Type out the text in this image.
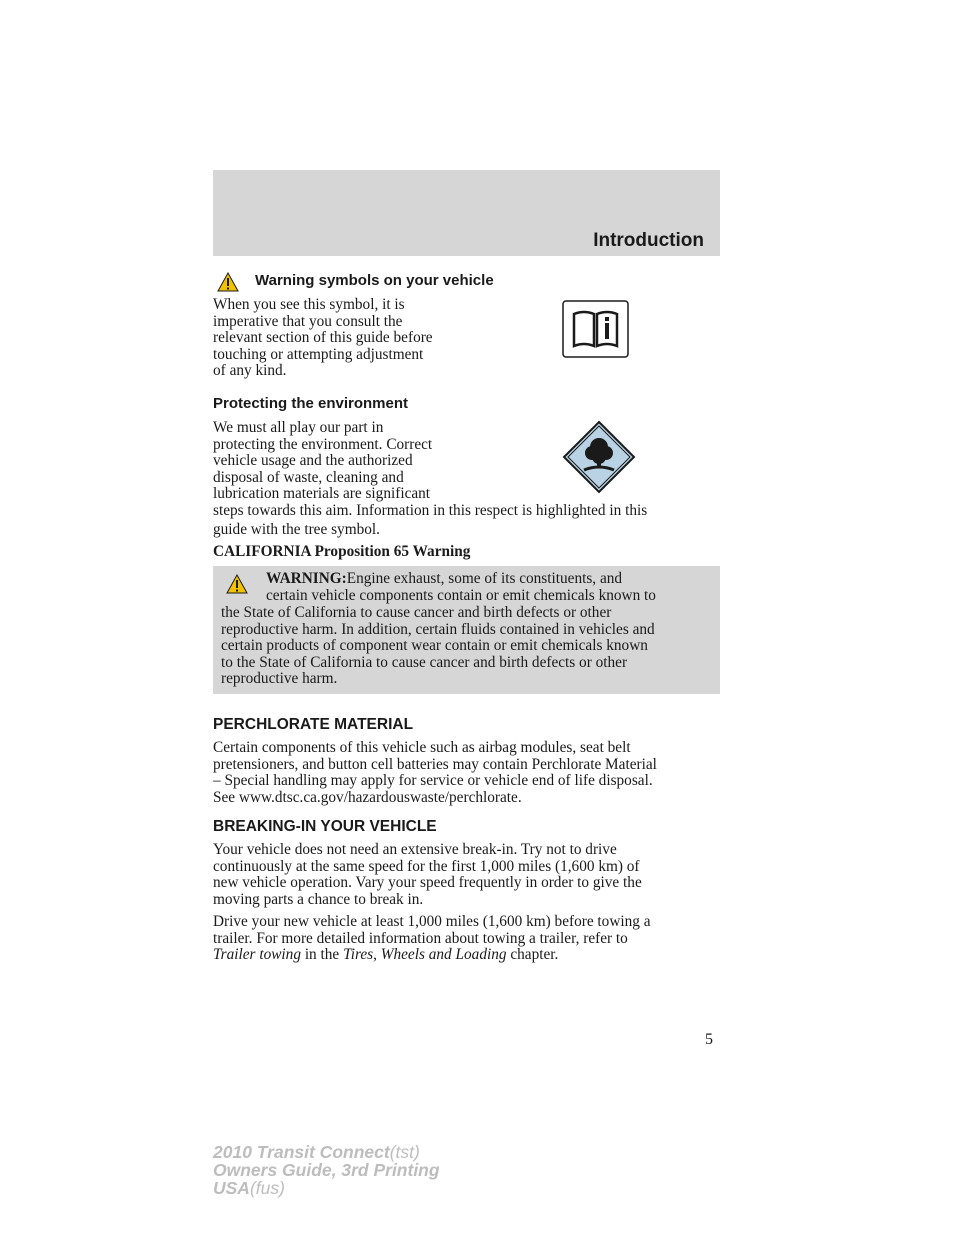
Introduction
Warning symbols on your vehicle
When you see this symbol, it is
imperative that you consult the
relevant section of this guide before
touching or attempting adjustment
of any kind.
Protecting the environment
We must all play our part in
protecting the environment. Correct
vehicle usage and the authorized
disposal of waste, cleaning and
lubrication materials are significant
steps towards this aim. Information in this respect is highlighted in this
guide with the tree symbol.
CALIFORNIA Proposition 65 Warning
WARNING:Engine exhaust, some of its constituents, and
certain vehicle components contain or emit chemicals known to
the State of California to cause cancer and birth defects or other
reproductive harm. In addition, certain fluids contained in vehicles and
certain products of component wear contain or emit chemicals known
to the State of California to cause cancer and birth defects or other
reproductive harm.
PERCHLORATE MATERIAL
Certain components of this vehicle such as airbag modules, seat belt
pretensioners, and button cell batteries may contain Perchlorate Material
– Special handling may apply for service or vehicle end of life disposal.
See www.dtsc.ca.gov/hazardouswaste/perchlorate.
BREAKING-IN YOUR VEHICLE
Your vehicle does not need an extensive break-in. Try not to drive
continuously at the same speed for the first 1,000 miles (1,600 km) of
new vehicle operation. Vary your speed frequently in order to give the
moving parts a chance to break in.
Drive your new vehicle at least 1,000 miles (1,600 km) before towing a
trailer. For more detailed information about towing a trailer, refer to
Trailer towing in the Tires, Wheels and Loading chapter.
5
2010 Transit Connect(tst)
Owners Guide, 3rd Printing
USA(fus)
